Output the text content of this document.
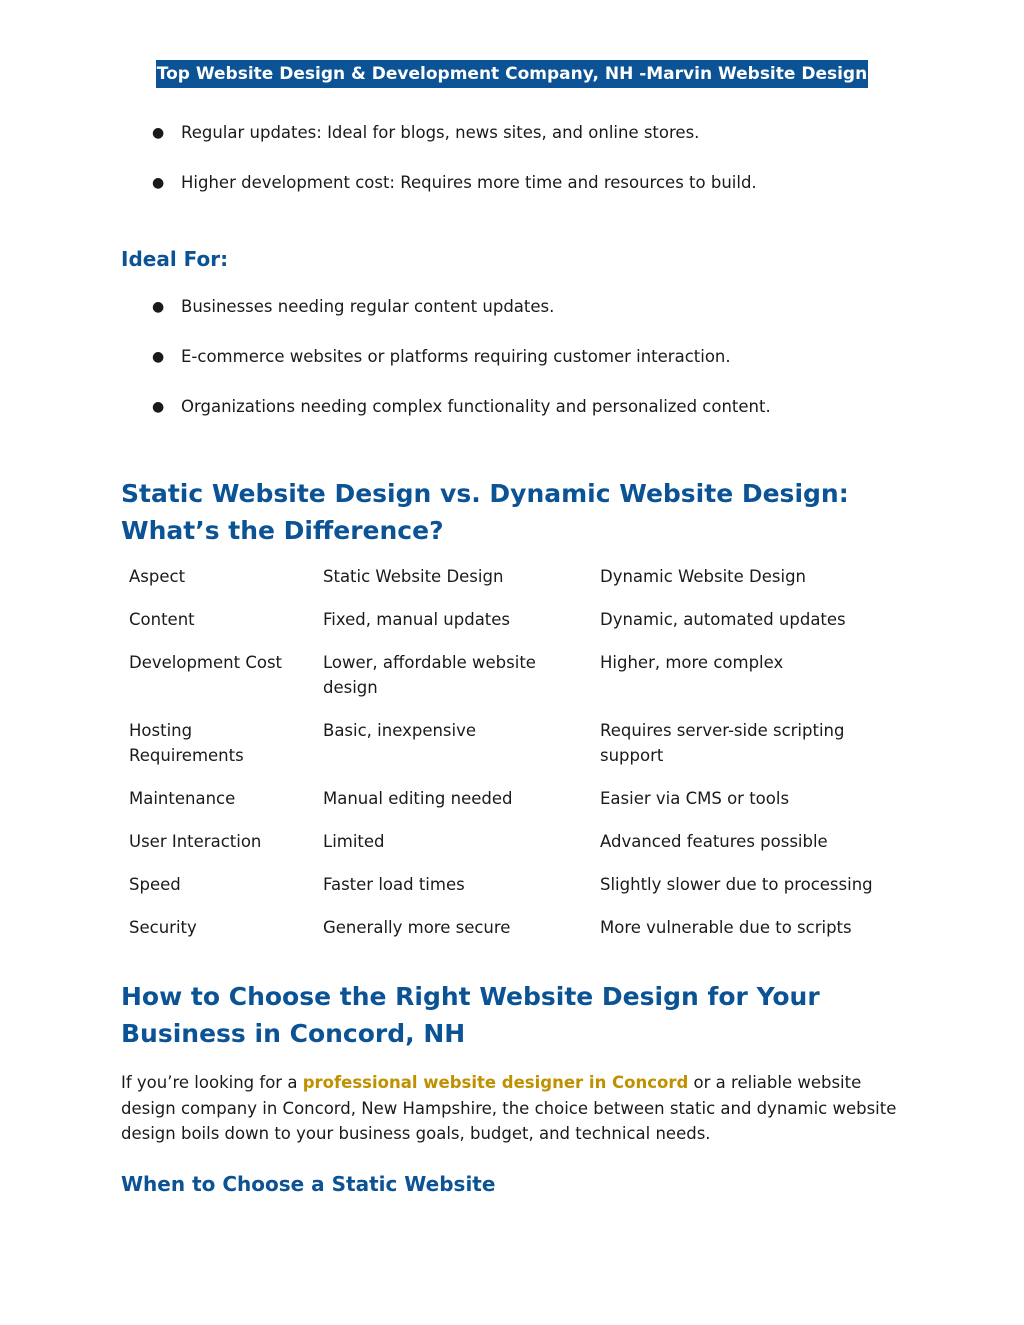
Top Website Design & Development Company, NH -Marvin Website Design
● Regular updates: Ideal for blogs, news sites, and online stores.
● Higher development cost: Requires more time and resources to build.
Ideal For:
● Businesses needing regular content updates.
● E-commerce websites or platforms requiring customer interaction.
● Organizations needing complex functionality and personalized content.
Static Website Design vs. Dynamic Website Design: What’s the Difference?
Aspect	Static Website Design	Dynamic Website Design
Content	Fixed, manual updates	Dynamic, automated updates
Development Cost	Lower, affordable website design	Higher, more complex
Hosting Requirements	Basic, inexpensive	Requires server-side scripting support
Maintenance	Manual editing needed	Easier via CMS or tools
User Interaction	Limited	Advanced features possible
Speed	Faster load times	Slightly slower due to processing
Security	Generally more secure	More vulnerable due to scripts
How to Choose the Right Website Design for Your Business in Concord, NH

If you’re looking for a professional website designer in Concord or a reliable website design company in Concord, New Hampshire, the choice between static and dynamic website design boils down to your business goals, budget, and technical needs.

When to Choose a Static Website
